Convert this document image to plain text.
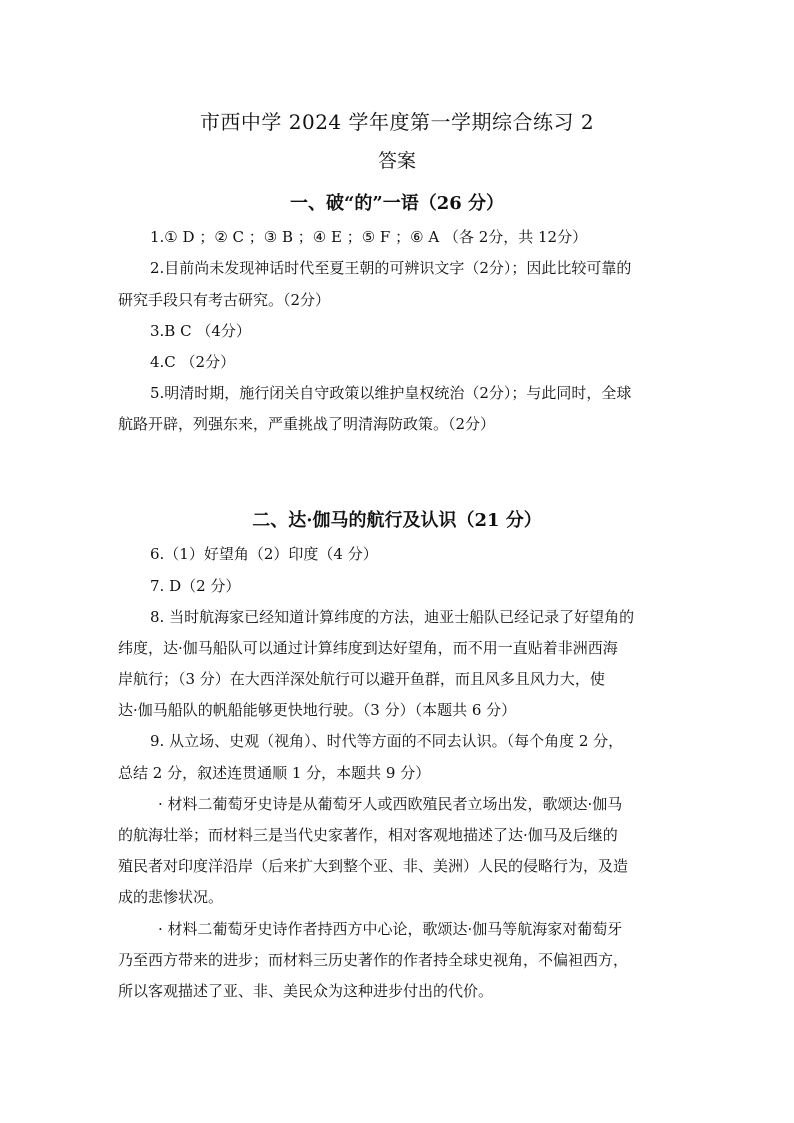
市西中学 2024 学年度第一学期综合练习 2
答案
一、破“的”一语（26 分）
1.① D ；② C ；③ B ；④ E ；⑤ F ；⑥ A （各 2分，共 12分）
2.目前尚未发现神话时代至夏王朝的可辨识文字（2分）；因此比较可靠的
研究手段只有考古研究。（2分）
3.B C （4分）
4.C （2分）
5.明清时期，施行闭关自守政策以维护皇权统治（2分）；与此同时，全球
航路开辟，列强东来，严重挑战了明清海防政策。（2分）
二、达·伽马的航行及认识（21 分）
6.（1）好望角（2）印度（4 分）
7. D（2 分）
8. 当时航海家已经知道计算纬度的方法，迪亚士船队已经记录了好望角的
纬度，达·伽马船队可以通过计算纬度到达好望角，而不用一直贴着非洲西海
岸航行；（3 分）在大西洋深处航行可以避开鱼群，而且风多且风力大，使
达·伽马船队的帆船能够更快地行驶。（3 分）（本题共 6 分）
9. 从立场、史观（视角）、时代等方面的不同去认识。（每个角度 2 分，
总结 2 分，叙述连贯通顺 1 分，本题共 9 分）
· 材料二葡萄牙史诗是从葡萄牙人或西欧殖民者立场出发，歌颂达·伽马
的航海壮举；而材料三是当代史家著作，相对客观地描述了达·伽马及后继的
殖民者对印度洋沿岸（后来扩大到整个亚、非、美洲）人民的侵略行为，及造
成的悲惨状况。
· 材料二葡萄牙史诗作者持西方中心论，歌颂达·伽马等航海家对葡萄牙
乃至西方带来的进步；而材料三历史著作的作者持全球史视角，不偏袒西方，
所以客观描述了亚、非、美民众为这种进步付出的代价。
